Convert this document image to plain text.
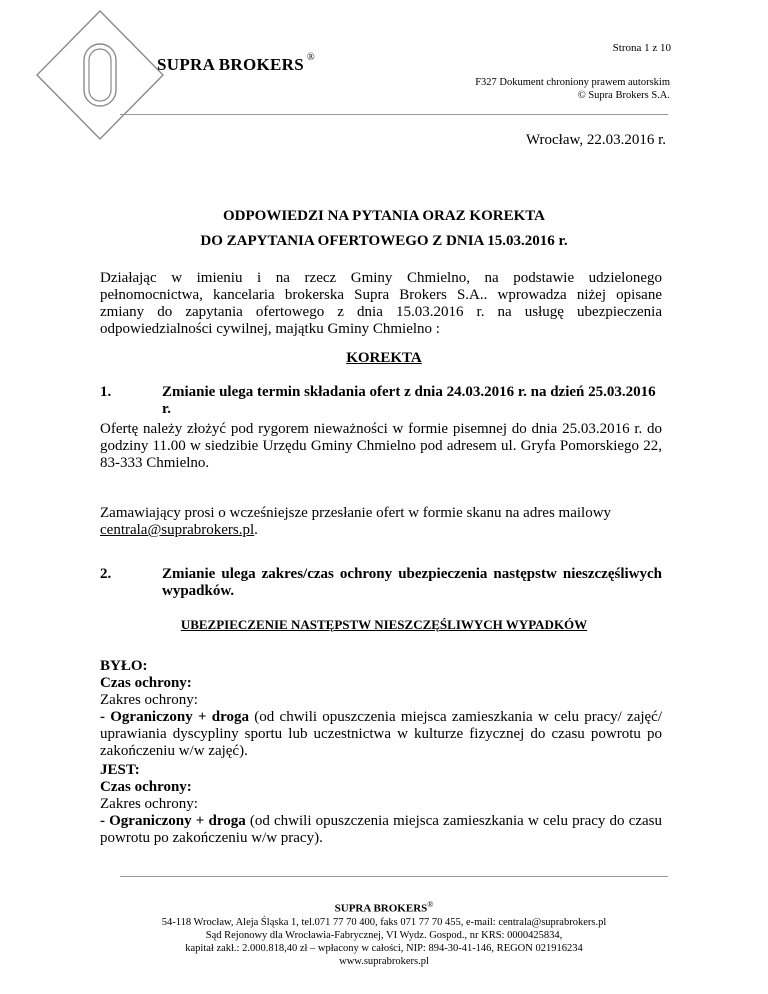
SUPRA BROKERS ®
Strona 1 z 10
F327 Dokument chroniony prawem autorskim
© Supra Brokers S.A.
Wrocław, 22.03.2016 r.
ODPOWIEDZI NA PYTANIA ORAZ KOREKTA
DO ZAPYTANIA OFERTOWEGO Z DNIA 15.03.2016 r.
Działając w imieniu i na rzecz Gminy Chmielno, na podstawie udzielonego
pełnomocnictwa, kancelaria brokerska Supra Brokers S.A.. wprowadza niżej opisane
zmiany do zapytania ofertowego z dnia 15.03.2016 r. na usługę ubezpieczenia
odpowiedzialności cywilnej, majątku Gminy Chmielno :
KOREKTA
1.	Zmianie ulega termin składania ofert z dnia 24.03.2016 r. na dzień 25.03.2016 r.
Ofertę należy złożyć pod rygorem nieważności w formie pisemnej do dnia 25.03.2016 r. do
godziny 11.00 w siedzibie Urzędu Gminy Chmielno pod adresem ul. Gryfa Pomorskiego 22,
83-333 Chmielno.
Zamawiający prosi o wcześniejsze przesłanie ofert w formie skanu na adres mailowy
centrala@suprabrokers.pl.
2.	Zmianie ulega zakres/czas ochrony ubezpieczenia następstw nieszczęśliwych
wypadków.
UBEZPIECZENIE NASTĘPSTW NIESZCZĘŚLIWYCH WYPADKÓW
BYŁO:
Czas ochrony:
Zakres ochrony:
- Ograniczony + droga (od chwili opuszczenia miejsca zamieszkania w celu pracy/ zajęć/
uprawiania dyscypliny sportu lub uczestnictwa w kulturze fizycznej do czasu powrotu po
zakończeniu w/w zajęć).
JEST:
Czas ochrony:
Zakres ochrony:
- Ograniczony + droga (od chwili opuszczenia miejsca zamieszkania w celu pracy do czasu
powrotu po zakończeniu w/w pracy).
SUPRA BROKERS®
54-118 Wrocław, Aleja Śląska 1, tel.071 77 70 400, faks 071 77 70 455, e-mail: centrala@suprabrokers.pl
Sąd Rejonowy dla Wrocławia-Fabrycznej, VI Wydz. Gospod., nr KRS: 0000425834,
kapitał zakł.: 2.000.818,40 zł – wpłacony w całości, NIP: 894-30-41-146, REGON 021916234
www.suprabrokers.pl
